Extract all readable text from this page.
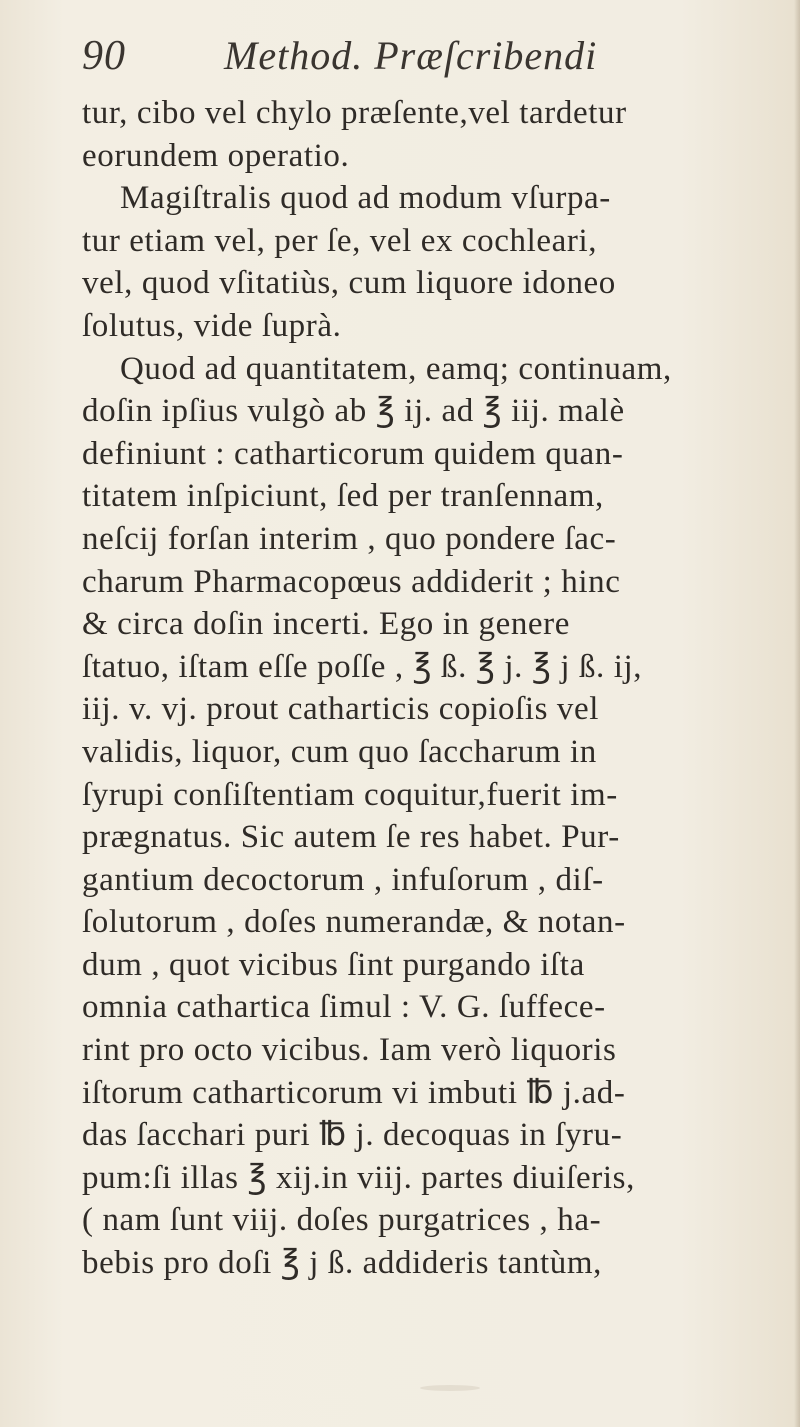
90 Method. Præſcribendi
tur, cibo vel chylo præſente,vel tardetur
eorundem operatio.
Magiſtralis quod ad modum vſurpa-
tur etiam vel, per ſe, vel ex cochleari,
vel, quod vſitatiùs, cum liquore idoneo
ſolutus, vide ſuprà.
Quod ad quantitatem, eamq; continuam,
doſin ipſius vulgò ab ℥ ij. ad ℥ iij. malè
definiunt : catharticorum quidem quan-
titatem inſpiciunt, ſed per tranſennam,
neſcij forſan interim , quo pondere ſac-
charum Pharmacopœus addiderit ; hinc
& circa doſin incerti. Ego in genere
ſtatuo, iſtam eſſe poſſe , ℥ ß. ℥ j. ℥ j ß. ij,
iij. v. vj. prout catharticis copioſis vel
validis, liquor, cum quo ſaccharum in
ſyrupi conſiſtentiam coquitur,fuerit im-
prægnatus. Sic autem ſe res habet. Pur-
gantium decoctorum , infuſorum , diſ-
ſolutorum , doſes numerandæ, & notan-
dum , quot vicibus ſint purgando iſta
omnia cathartica ſimul : V. G. ſuffece-
rint pro octo vicibus. Iam verò liquoris
iſtorum catharticorum vi imbuti ℔ j.ad-
das ſacchari puri ℔ j. decoquas in ſyru-
pum:ſi illas ℥ xij.in viij. partes diuiſeris,
( nam ſunt viij. doſes purgatrices , ha-
bebis pro doſi ℥ j ß. addideris tantùm,
